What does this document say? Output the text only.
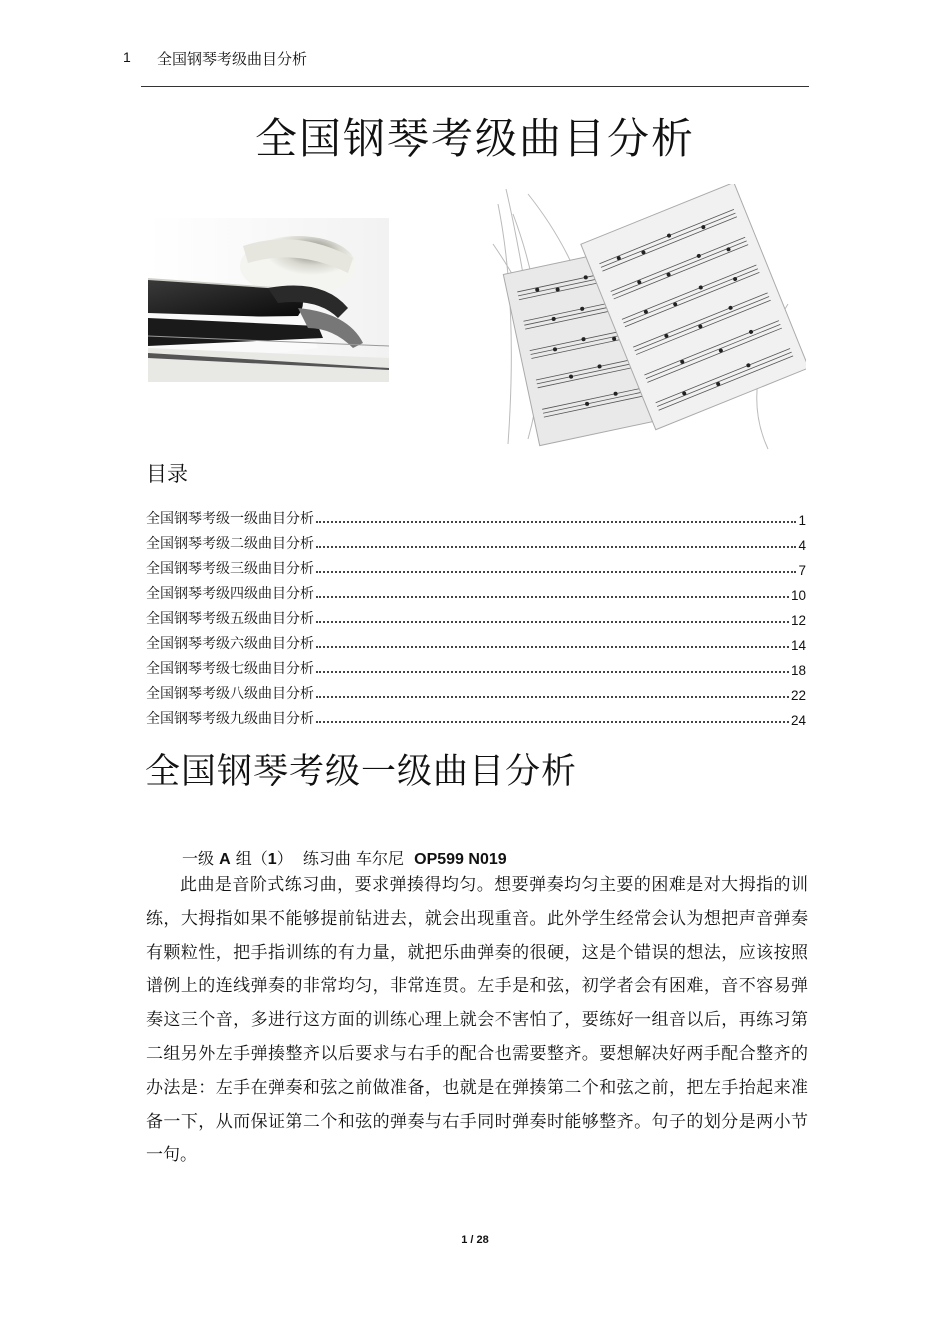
1 全国钢琴考级曲目分析
全国钢琴考级曲目分析
目录
全国钢琴考级一级曲目分析	1
全国钢琴考级二级曲目分析	4
全国钢琴考级三级曲目分析	7
全国钢琴考级四级曲目分析	10
全国钢琴考级五级曲目分析	12
全国钢琴考级六级曲目分析	14
全国钢琴考级七级曲目分析	18
全国钢琴考级八级曲目分析	22
全国钢琴考级九级曲目分析	24
全国钢琴考级一级曲目分析
一级 A 组（1） 练习曲 车尔尼 OP599 N019

此曲是音阶式练习曲，要求弹揍得均匀。想要弹奏均匀主要的困难是对大拇指的训练，大拇指如果不能够提前钻进去，就会出现重音。此外学生经常会认为想把声音弹奏有颗粒性，把手指训练的有力量，就把乐曲弹奏的很硬，这是个错误的想法，应该按照谱例上的连线弹奏的非常均匀，非常连贯。左手是和弦，初学者会有困难，音不容易弹奏这三个音，多进行这方面的训练心理上就会不害怕了，要练好一组音以后，再练习第二组另外左手弹揍整齐以后要求与右手的配合也需要整齐。要想解决好两手配合整齐的办法是：左手在弹奏和弦之前做准备，也就是在弹揍第二个和弦之前，把左手抬起来准备一下，从而保证第二个和弦的弹奏与右手同时弹奏时能够整齐。句子的划分是两小节一句。

1 / 28
